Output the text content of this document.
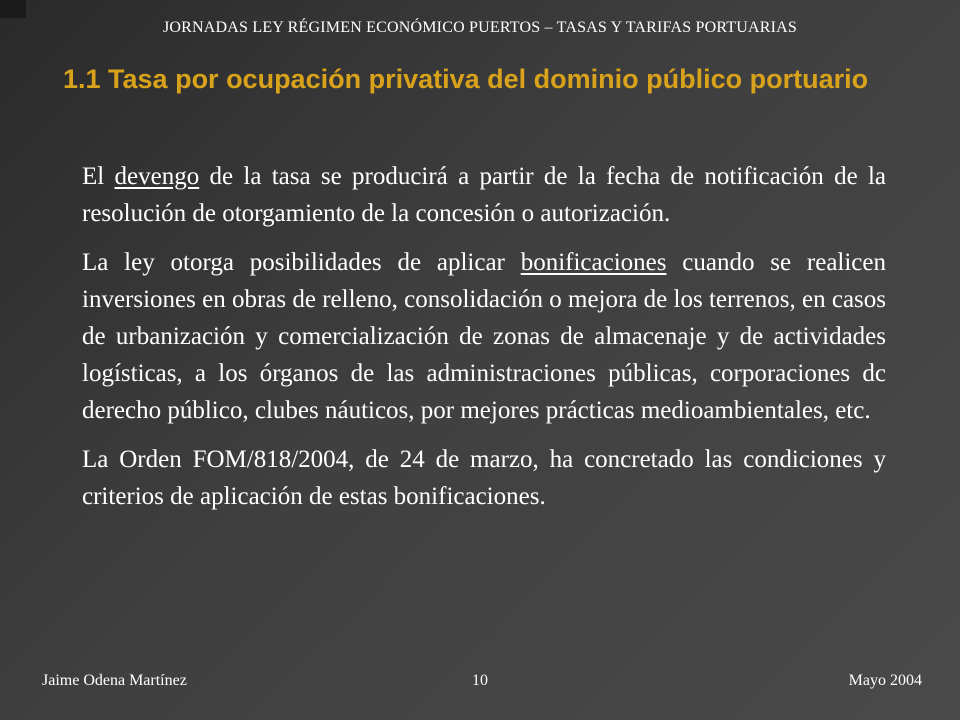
JORNADAS LEY RÉGIMEN ECONÓMICO PUERTOS – TASAS Y TARIFAS PORTUARIAS
1.1 Tasa por ocupación privativa del dominio público portuario

El devengo de la tasa se producirá a partir de la fecha de notificación de la resolución de otorgamiento de la concesión o autorización.

La ley otorga posibilidades de aplicar bonificaciones cuando se realicen inversiones en obras de relleno, consolidación o mejora de los terrenos, en casos de urbanización y comercialización de zonas de almacenaje y de actividades logísticas, a los órganos de las administraciones públicas, corporaciones dc derecho público, clubes náuticos, por mejores prácticas medioambientales, etc.

La Orden FOM/818/2004, de 24 de marzo, ha concretado las condiciones y criterios de aplicación de estas bonificaciones.

Jaime Odena Martínez	10	Mayo 2004
